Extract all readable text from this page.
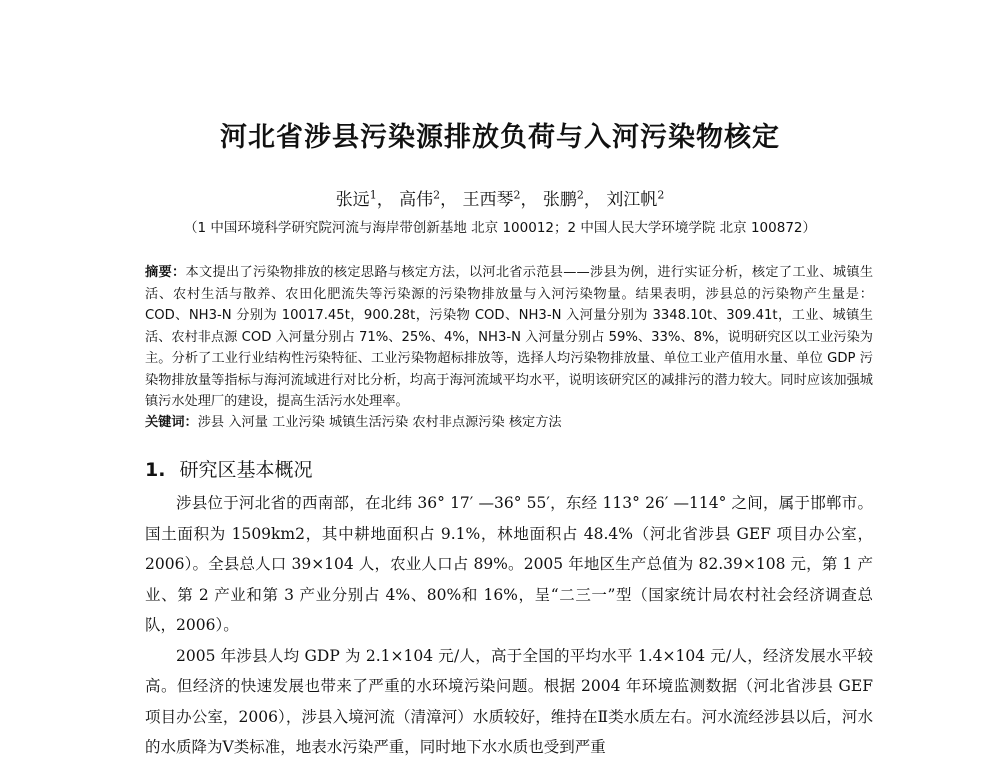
河北省涉县污染源排放负荷与入河污染物核定
张远$^1$， 高伟$^2$， 王西琴$^2$， 张鹏$^2$， 刘江帆$^2$
（1 中国环境科学研究院河流与海岸带创新基地 北京 100012；2 中国人民大学环境学院 北京 100872）
摘要：本文提出了污染物排放的核定思路与核定方法，以河北省示范县——涉县为例，进行实证分析，核定了工业、城镇生活、农村生活与散养、农田化肥流失等污染源的污染物排放量与入河污染物量。结果表明，涉县总的污染物产生量是：COD、NH3-N 分别为 10017.45t，900.28t，污染物 COD、NH3-N 入河量分别为 3348.10t、309.41t，工业、城镇生活、农村非点源 COD 入河量分别占 71%、25%、4%，NH3-N 入河量分别占 59%、33%、8%，说明研究区以工业污染为主。分析了工业行业结构性污染特征、工业污染物超标排放等，选择人均污染物排放量、单位工业产值用水量、单位 GDP 污染物排放量等指标与海河流域进行对比分析，均高于海河流域平均水平，说明该研究区的减排污的潜力较大。同时应该加强城镇污水处理厂的建设，提高生活污水处理率。
关键词：涉县 入河量 工业污染 城镇生活污染 农村非点源污染 核定方法
1. 研究区基本概况

涉县位于河北省的西南部，在北纬 36° 17′ —36° 55′，东经 113° 26′ —114° 之间，属于邯郸市。国土面积为 1509km2，其中耕地面积占 9.1%，林地面积占 48.4%（河北省涉县 GEF 项目办公室，2006）。全县总人口 39×104 人，农业人口占 89%。2005 年地区生产总值为 82.39×108 元，第 1 产业、第 2 产业和第 3 产业分别占 4%、80%和 16%，呈“二三一”型（国家统计局农村社会经济调查总队，2006）。

2005 年涉县人均 GDP 为 2.1×104 元/人，高于全国的平均水平 1.4×104 元/人，经济发展水平较高。但经济的快速发展也带来了严重的水环境污染问题。根据 2004 年环境监测数据（河北省涉县 GEF 项目办公室，2006），涉县入境河流（清漳河）水质较好，维持在Ⅱ类水质左右。河水流经涉县以后，河水的水质降为Ⅴ类标准，地表水污染严重，同时地下水水质也受到严重
